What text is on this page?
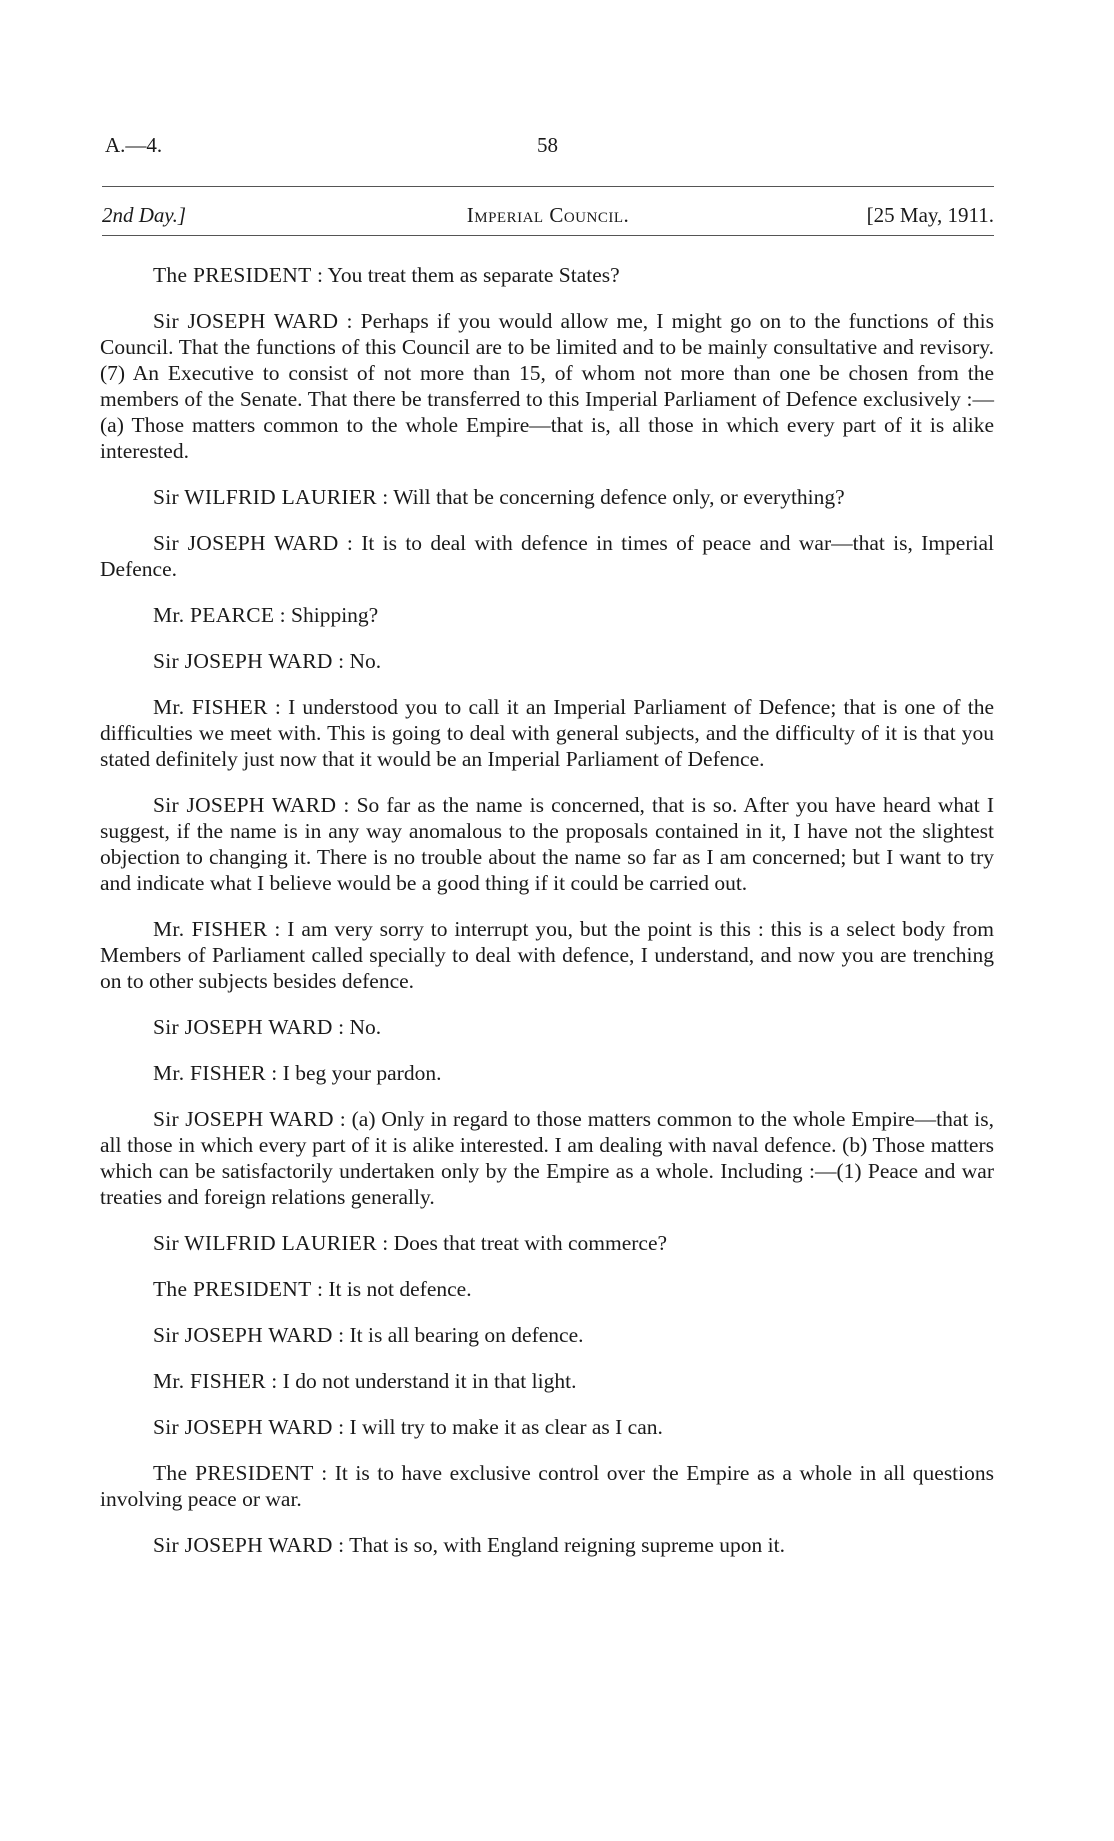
A.—4.	58
2nd Day.]	Imperial Council.	[25 May, 1911.

The PRESIDENT : You treat them as separate States?

Sir JOSEPH WARD : Perhaps if you would allow me, I might go on to the functions of this Council. That the functions of this Council are to be limited and to be mainly consultative and revisory. (7) An Executive to consist of not more than 15, of whom not more than one be chosen from the members of the Senate. That there be transferred to this Imperial Parliament of Defence exclusively :—(a) Those matters common to the whole Empire—that is, all those in which every part of it is alike interested.

Sir WILFRID LAURIER : Will that be concerning defence only, or everything?

Sir JOSEPH WARD : It is to deal with defence in times of peace and war—that is, Imperial Defence.

Mr. PEARCE : Shipping?

Sir JOSEPH WARD : No.

Mr. FISHER : I understood you to call it an Imperial Parliament of Defence; that is one of the difficulties we meet with. This is going to deal with general subjects, and the difficulty of it is that you stated definitely just now that it would be an Imperial Parliament of Defence.

Sir JOSEPH WARD : So far as the name is concerned, that is so. After you have heard what I suggest, if the name is in any way anomalous to the proposals contained in it, I have not the slightest objection to changing it. There is no trouble about the name so far as I am concerned; but I want to try and indicate what I believe would be a good thing if it could be carried out.

Mr. FISHER : I am very sorry to interrupt you, but the point is this : this is a select body from Members of Parliament called specially to deal with defence, I understand, and now you are trenching on to other subjects besides defence.

Sir JOSEPH WARD : No.

Mr. FISHER : I beg your pardon.

Sir JOSEPH WARD : (a) Only in regard to those matters common to the whole Empire—that is, all those in which every part of it is alike interested. I am dealing with naval defence. (b) Those matters which can be satisfactorily undertaken only by the Empire as a whole. Including :—(1) Peace and war treaties and foreign relations generally.

Sir WILFRID LAURIER : Does that treat with commerce?

The PRESIDENT : It is not defence.

Sir JOSEPH WARD : It is all bearing on defence.

Mr. FISHER : I do not understand it in that light.

Sir JOSEPH WARD : I will try to make it as clear as I can.

The PRESIDENT : It is to have exclusive control over the Empire as a whole in all questions involving peace or war.

Sir JOSEPH WARD : That is so, with England reigning supreme upon it.
